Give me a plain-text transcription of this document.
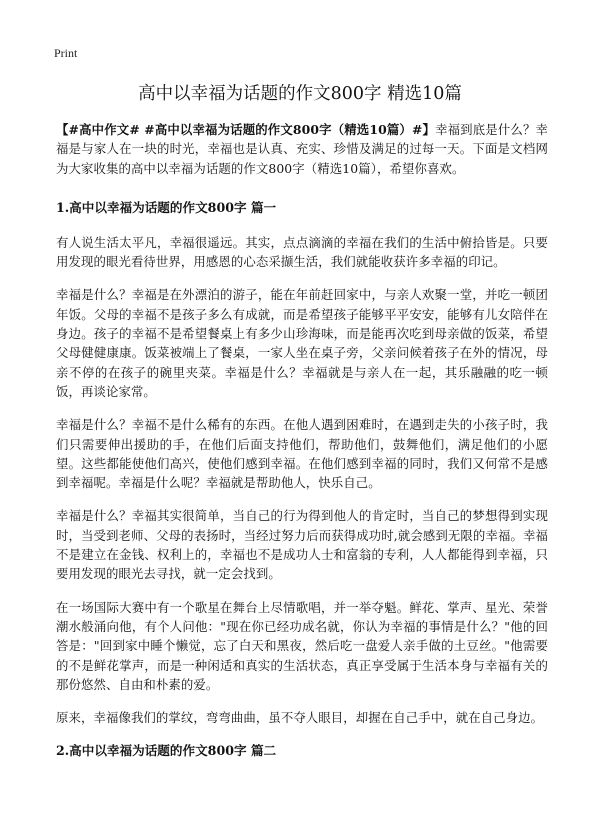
Print
高中以幸福为话题的作文800字 精选10篇

【#高中作文# #高中以幸福为话题的作文800字（精选10篇）#】幸福到底是什么？幸福是与家人在一块的时光，幸福也是认真、充实、珍惜及满足的过每一天。下面是文档网为大家收集的高中以幸福为话题的作文800字（精选10篇），希望你喜欢。

1.高中以幸福为话题的作文800字 篇一

有人说生活太平凡，幸福很遥远。其实，点点滴滴的幸福在我们的生活中俯拾皆是。只要用发现的眼光看待世界，用感恩的心态采撷生活，我们就能收获许多幸福的印记。

幸福是什么？幸福是在外漂泊的游子，能在年前赶回家中，与亲人欢聚一堂，并吃一顿团年饭。父母的幸福不是孩子多么有成就，而是希望孩子能够平平安安，能够有儿女陪伴在身边。孩子的幸福不是希望餐桌上有多少山珍海味，而是能再次吃到母亲做的饭菜，希望父母健健康康。饭菜被端上了餐桌，一家人坐在桌子旁，父亲问候着孩子在外的情况，母亲不停的在孩子的碗里夹菜。幸福是什么？幸福就是与亲人在一起，其乐融融的吃一顿饭，再谈论家常。

幸福是什么？幸福不是什么稀有的东西。在他人遇到困难时，在遇到走失的小孩子时，我们只需要伸出援助的手，在他们后面支持他们，帮助他们，鼓舞他们，满足他们的小愿望。这些都能使他们高兴，使他们感到幸福。在他们感到幸福的同时，我们又何常不是感到幸福呢。幸福是什么呢？幸福就是帮助他人，快乐自己。

幸福是什么？幸福其实很简单，当自己的行为得到他人的肯定时，当自己的梦想得到实现时，当受到老师、父母的表扬时，当经过努力后而获得成功时,就会感到无限的幸福。幸福不是建立在金钱、权利上的，幸福也不是成功人士和富翁的专利，人人都能得到幸福，只要用发现的眼光去寻找，就一定会找到。

在一场国际大赛中有一个歌星在舞台上尽情歌唱，并一举夺魁。鲜花、掌声、星光、荣誉潮水般涌向他，有个人问他："现在你已经功成名就，你认为幸福的事情是什么？"他的回答是："回到家中睡个懒觉，忘了白天和黑夜，然后吃一盘爱人亲手做的土豆丝。"他需要的不是鲜花掌声，而是一种闲适和真实的生活状态，真正享受属于生活本身与幸福有关的那份悠然、自由和朴素的爱。

原来，幸福像我们的掌纹，弯弯曲曲，虽不夺人眼目，却握在自己手中，就在自己身边。

2.高中以幸福为话题的作文800字 篇二
